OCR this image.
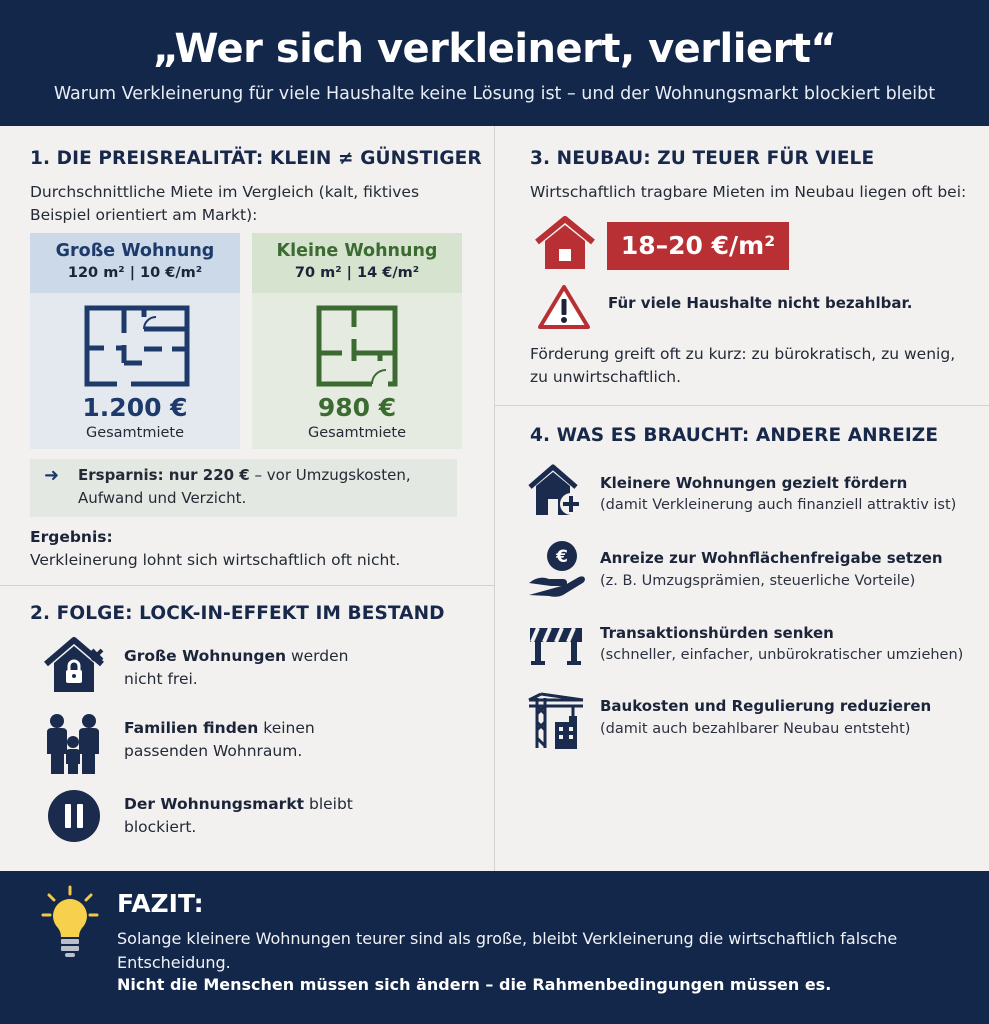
„Wer sich verkleinert, verliert“

Warum Verkleinerung für viele Haushalte keine Lösung ist – und der Wohnungsmarkt blockiert bleibt

1. DIE PREISREALITÄT: KLEIN ≠ GÜNSTIGER
Durchschnittliche Miete im Vergleich (kalt, fiktives Beispiel orientiert am Markt):
Große Wohnung
120 m² | 10 €/m²
1.200 €
Gesamtmiete
Kleine Wohnung
70 m² | 14 €/m²
980 €
Gesamtmiete
➜ Ersparnis: nur 220 € – vor Umzugskosten, Aufwand und Verzicht.
Ergebnis:
Verkleinerung lohnt sich wirtschaftlich oft nicht.
2. FOLGE: LOCK-IN-EFFEKT IM BESTAND
Große Wohnungen werden nicht frei.
Familien finden keinen passenden Wohnraum.
Der Wohnungsmarkt bleibt blockiert.
3. NEUBAU: ZU TEUER FÜR VIELE
Wirtschaftlich tragbare Mieten im Neubau liegen oft bei:
18–20 €/m²
Für viele Haushalte nicht bezahlbar.
Förderung greift oft zu kurz: zu bürokratisch, zu wenig, zu unwirtschaftlich.
4. WAS ES BRAUCHT: ANDERE ANREIZE
Kleinere Wohnungen gezielt fördern
(damit Verkleinerung auch finanziell attraktiv ist)
€ Anreize zur Wohnflächenfreigabe setzen
(z. B. Umzugsprämien, steuerliche Vorteile)
Transaktionshürden senken
(schneller, einfacher, unbürokratischer umziehen)
Baukosten und Regulierung reduzieren
(damit auch bezahlbarer Neubau entsteht)
FAZIT:
Solange kleinere Wohnungen teurer sind als große, bleibt Verkleinerung die wirtschaftlich falsche Entscheidung.
Nicht die Menschen müssen sich ändern – die Rahmenbedingungen müssen es.
